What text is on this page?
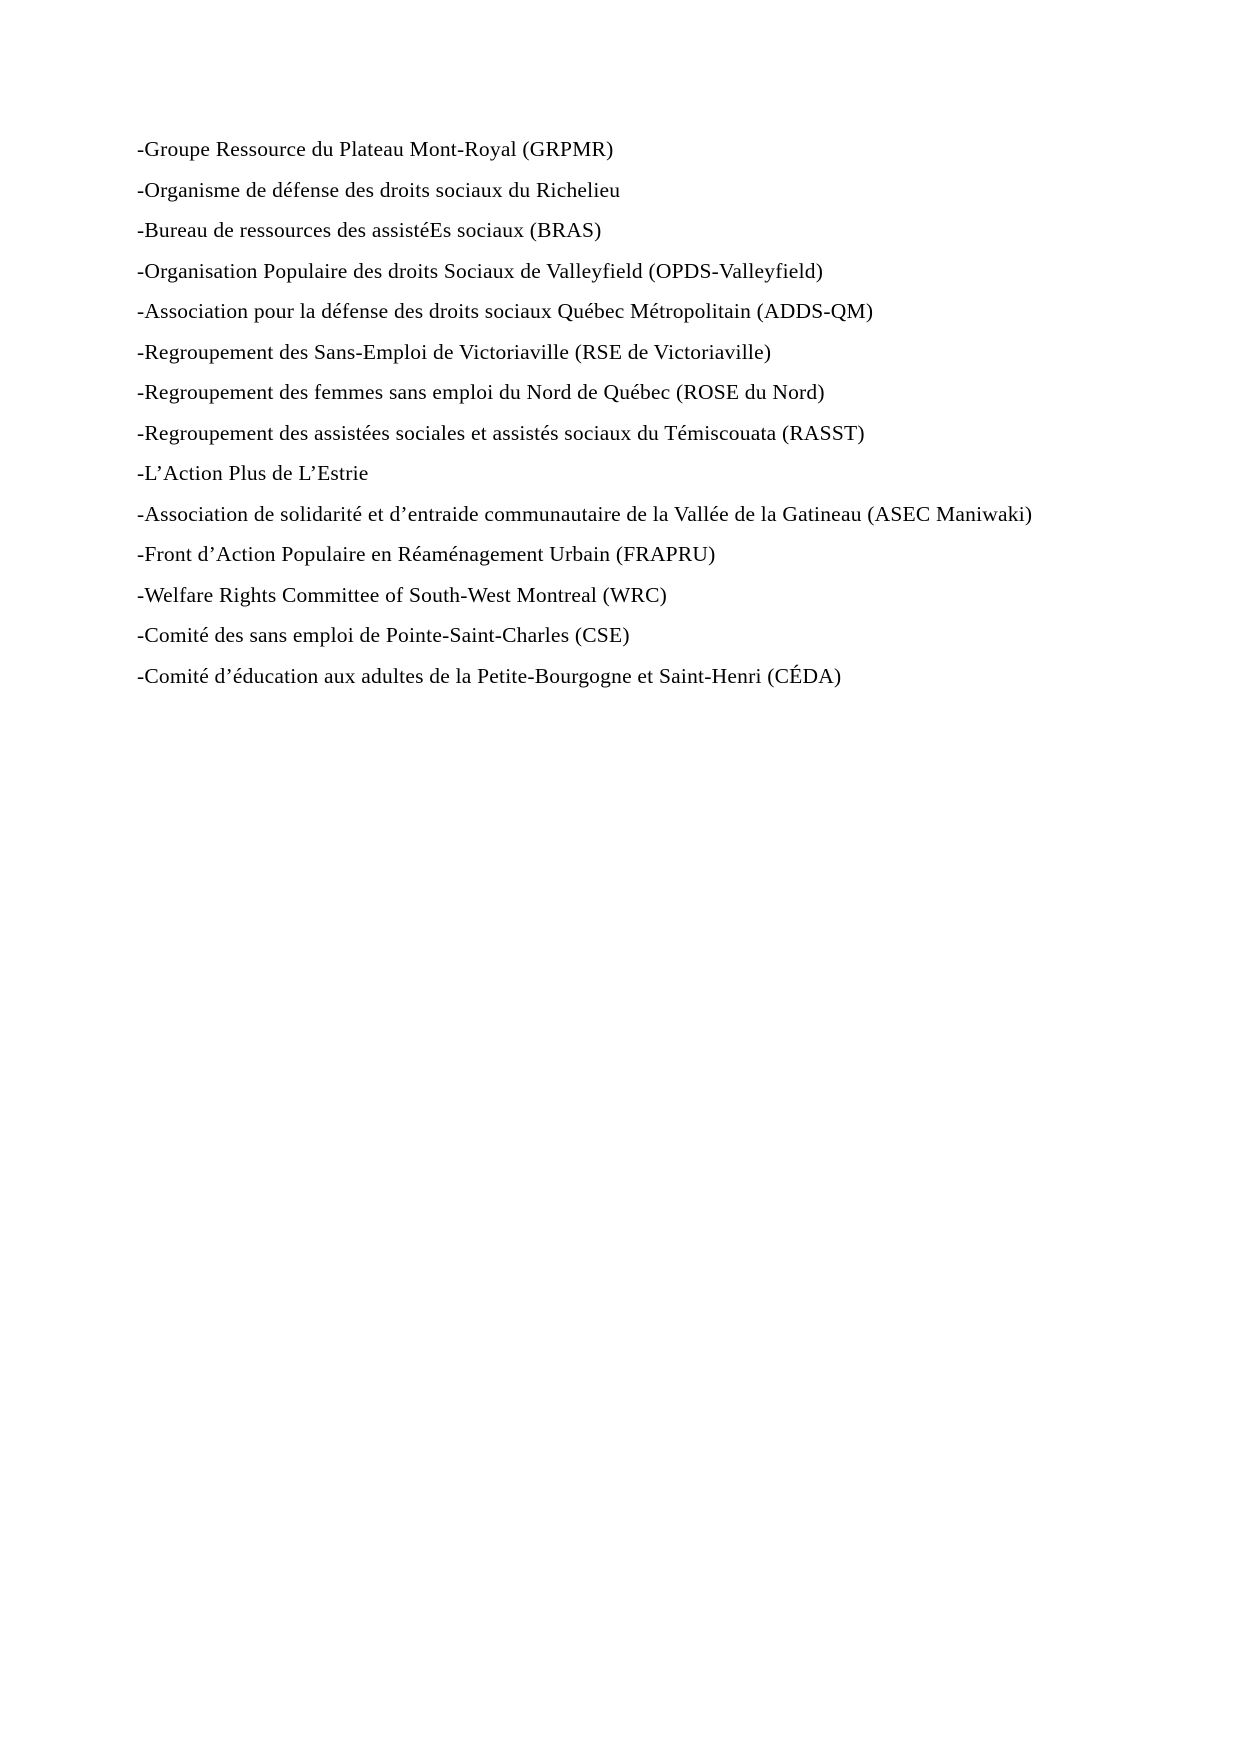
-Groupe Ressource du Plateau Mont-Royal (GRPMR)
-Organisme de défense des droits sociaux du Richelieu
-Bureau de ressources des assistéEs sociaux (BRAS)
-Organisation Populaire des droits Sociaux de Valleyfield (OPDS-Valleyfield)
-Association pour la défense des droits sociaux Québec Métropolitain (ADDS-QM)
-Regroupement des Sans-Emploi de Victoriaville (RSE de Victoriaville)
-Regroupement des femmes sans emploi du Nord de Québec (ROSE du Nord)
-Regroupement des assistées sociales et assistés sociaux du Témiscouata (RASST)
-L’Action Plus de L’Estrie
-Association de solidarité et d’entraide communautaire de la Vallée de la Gatineau (ASEC Maniwaki)
-Front d’Action Populaire en Réaménagement Urbain (FRAPRU)
-Welfare Rights Committee of South-West Montreal (WRC)
-Comité des sans emploi de Pointe-Saint-Charles (CSE)
-Comité d’éducation aux adultes de la Petite-Bourgogne et Saint-Henri (CÉDA)
